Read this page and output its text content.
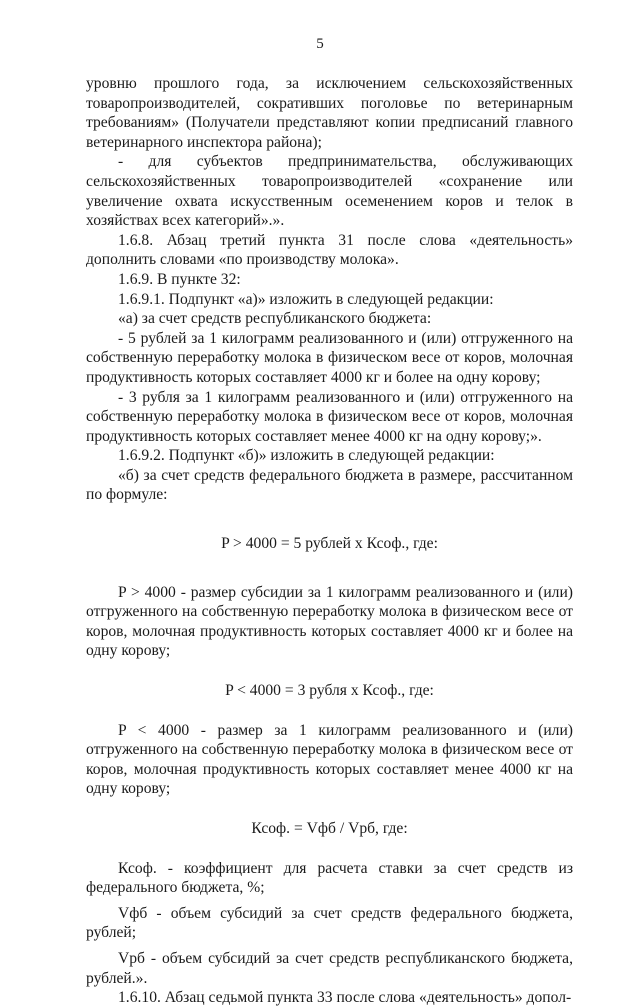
5

уровню прошлого года, за исключением сельскохозяйственных товаропроизводителей, сокративших поголовье по ветеринарным требованиям» (Получатели представляют копии предписаний главного ветеринарного инспектора района);

- для субъектов предпринимательства, обслуживающих сельскохозяйственных товаропроизводителей «сохранение или увеличение охвата искусственным осеменением коров и телок в хозяйствах всех категорий».».

1.6.8. Абзац третий пункта 31 после слова «деятельность» дополнить словами «по производству молока».

1.6.9. В пункте 32:

1.6.9.1. Подпункт «а)» изложить в следующей редакции:

«а) за счет средств республиканского бюджета:

- 5 рублей за 1 килограмм реализованного и (или) отгруженного на собственную переработку молока в физическом весе от коров, молочная продуктивность которых составляет 4000 кг и более на одну корову;

- 3 рубля за 1 килограмм реализованного и (или) отгруженного на собственную переработку молока в физическом весе от коров, молочная продуктивность которых составляет менее 4000 кг на одну корову;».

1.6.9.2. Подпункт «б)» изложить в следующей редакции:

«б) за счет средств федерального бюджета в размере, рассчитанном по формуле:

P > 4000 = 5 рублей x Ксоф., где:

P > 4000 - размер субсидии за 1 килограмм реализованного и (или) отгруженного на собственную переработку молока в физическом весе от коров, молочная продуктивность которых составляет 4000 кг и более на одну корову;

P < 4000 = 3 рубля x Ксоф., где:

P < 4000 - размер за 1 килограмм реализованного и (или) отгруженного на собственную переработку молока в физическом весе от коров, молочная продуктивность которых составляет менее 4000 кг на одну корову;

Ксоф. = Vфб / Vрб, где:

Ксоф. - коэффициент для расчета ставки за счет средств из федерального бюджета, %;

Vфб - объем субсидий за счет средств федерального бюджета, рублей;

Vрб - объем субсидий за счет средств республиканского бюджета, рублей.».

1.6.10. Абзац седьмой пункта 33 после слова «деятельность» допол-
